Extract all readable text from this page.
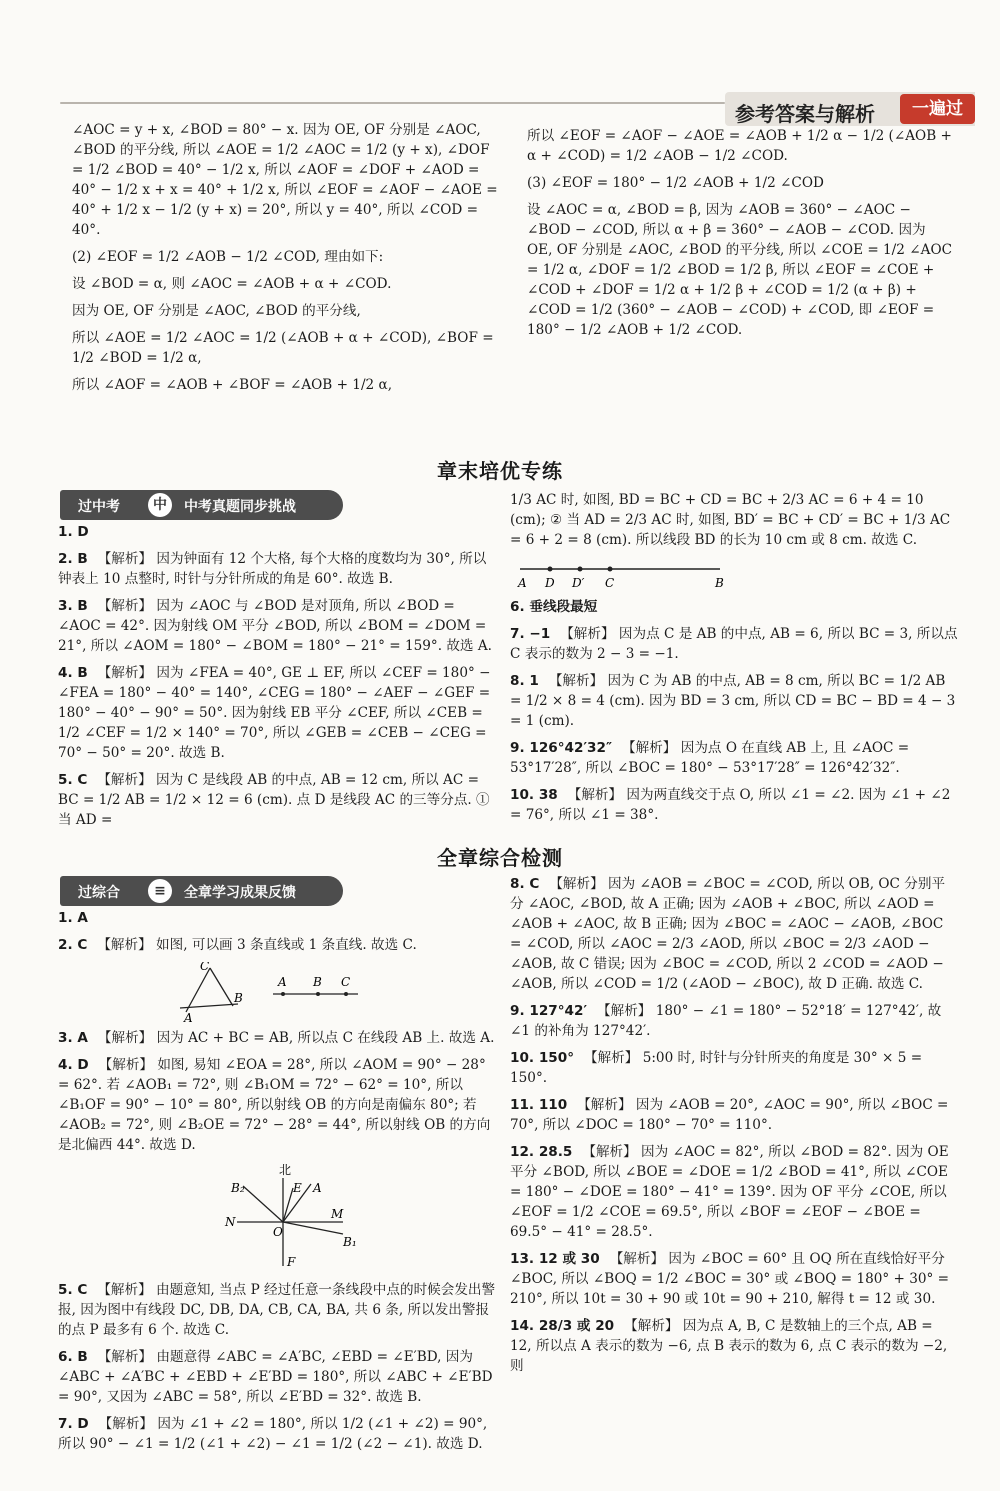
参考答案与解析	一遍过

∠AOC = y + x, ∠BOD = 80° − x. 因为 OE, OF 分别是 ∠AOC, ∠BOD 的平分线, 所以 ∠AOE = 1/2 ∠AOC = 1/2 (y + x), ∠DOF = 1/2 ∠BOD = 40° − 1/2 x, 所以 ∠AOF = ∠DOF + ∠AOD = 40° − 1/2 x + x = 40° + 1/2 x, 所以 ∠EOF = ∠AOF − ∠AOE = 40° + 1/2 x − 1/2 (y + x) = 20°, 所以 y = 40°, 所以 ∠COD = 40°.

(2) ∠EOF = 1/2 ∠AOB − 1/2 ∠COD, 理由如下:

设 ∠BOD = α, 则 ∠AOC = ∠AOB + α + ∠COD.

因为 OE, OF 分别是 ∠AOC, ∠BOD 的平分线,

所以 ∠AOE = 1/2 ∠AOC = 1/2 (∠AOB + α + ∠COD), ∠BOF = 1/2 ∠BOD = 1/2 α,

所以 ∠AOF = ∠AOB + ∠BOF = ∠AOB + 1/2 α,

所以 ∠EOF = ∠AOF − ∠AOE = ∠AOB + 1/2 α − 1/2 (∠AOB + α + ∠COD) = 1/2 ∠AOB − 1/2 ∠COD.

(3) ∠EOF = 180° − 1/2 ∠AOB + 1/2 ∠COD

设 ∠AOC = α, ∠BOD = β, 因为 ∠AOB = 360° − ∠AOC − ∠BOD − ∠COD, 所以 α + β = 360° − ∠AOB − ∠COD. 因为 OE, OF 分别是 ∠AOC, ∠BOD 的平分线, 所以 ∠COE = 1/2 ∠AOC = 1/2 α, ∠DOF = 1/2 ∠BOD = 1/2 β, 所以 ∠EOF = ∠COE + ∠COD + ∠DOF = 1/2 α + 1/2 β + ∠COD = 1/2 (α + β) + ∠COD = 1/2 (360° − ∠AOB − ∠COD) + ∠COD, 即 ∠EOF = 180° − 1/2 ∠AOB + 1/2 ∠COD.

章末培优专练
过中考	中	中考真题同步挑战

1. D

2. B 【解析】 因为钟面有 12 个大格, 每个大格的度数均为 30°, 所以钟表上 10 点整时, 时针与分针所成的角是 60°. 故选 B.

3. B 【解析】 因为 ∠AOC 与 ∠BOD 是对顶角, 所以 ∠BOD = ∠AOC = 42°. 因为射线 OM 平分 ∠BOD, 所以 ∠BOM = ∠DOM = 21°, 所以 ∠AOM = 180° − ∠BOM = 180° − 21° = 159°. 故选 A.

4. B 【解析】 因为 ∠FEA = 40°, GE ⊥ EF, 所以 ∠CEF = 180° − ∠FEA = 180° − 40° = 140°, ∠CEG = 180° − ∠AEF − ∠GEF = 180° − 40° − 90° = 50°. 因为射线 EB 平分 ∠CEF, 所以 ∠CEB = 1/2 ∠CEF = 1/2 × 140° = 70°, 所以 ∠GEB = ∠CEB − ∠CEG = 70° − 50° = 20°. 故选 B.

5. C 【解析】 因为 C 是线段 AB 的中点, AB = 12 cm, 所以 AC = BC = 1/2 AB = 1/2 × 12 = 6 (cm). 点 D 是线段 AC 的三等分点. ① 当 AD =

1/3 AC 时, 如图, BD = BC + CD = BC + 2/3 AC = 6 + 4 = 10 (cm); ② 当 AD = 2/3 AC 时, 如图, BD′ = BC + CD′ = BC + 1/3 AC = 6 + 2 = 8 (cm). 所以线段 BD 的长为 10 cm 或 8 cm. 故选 C.

A D D′ C	B

6. 垂线段最短

7. −1 【解析】 因为点 C 是 AB 的中点, AB = 6, 所以 BC = 3, 所以点 C 表示的数为 2 − 3 = −1.

8. 1 【解析】 因为 C 为 AB 的中点, AB = 8 cm, 所以 BC = 1/2 AB = 1/2 × 8 = 4 (cm). 因为 BD = 3 cm, 所以 CD = BC − BD = 4 − 3 = 1 (cm).

9. 126°42′32″ 【解析】 因为点 O 在直线 AB 上, 且 ∠AOC = 53°17′28″, 所以 ∠BOC = 180° − 53°17′28″ = 126°42′32″.

10. 38 【解析】 因为两直线交于点 O, 所以 ∠1 = ∠2. 因为 ∠1 + ∠2 = 76°, 所以 ∠1 = 38°.

全章综合检测
过综合	≡	全章学习成果反馈

1. A

2. C 【解析】 如图, 可以画 3 条直线或 1 条直线. 故选 C.

C
B
A
A B C

3. A 【解析】 因为 AC + BC = AB, 所以点 C 在线段 AB 上. 故选 A.

4. D 【解析】 如图, 易知 ∠EOA = 28°, 所以 ∠AOM = 90° − 28° = 62°. 若 ∠AOB₁ = 72°, 则 ∠B₁OM = 72° − 62° = 10°, 所以 ∠B₁OF = 90° − 10° = 80°, 所以射线 OB 的方向是南偏东 80°; 若 ∠AOB₂ = 72°, 则 ∠B₂OE = 72° − 28° = 44°, 所以射线 OB 的方向是北偏西 44°. 故选 D.

北
E A
B₂
N
O
M
B₁
F

5. C 【解析】 由题意知, 当点 P 经过任意一条线段中点的时候会发出警报, 因为图中有线段 DC, DB, DA, CB, CA, BA, 共 6 条, 所以发出警报的点 P 最多有 6 个. 故选 C.

6. B 【解析】 由题意得 ∠ABC = ∠A′BC, ∠EBD = ∠E′BD, 因为 ∠ABC + ∠A′BC + ∠EBD + ∠E′BD = 180°, 所以 ∠ABC + ∠E′BD = 90°, 又因为 ∠ABC = 58°, 所以 ∠E′BD = 32°. 故选 B.

7. D 【解析】 因为 ∠1 + ∠2 = 180°, 所以 1/2 (∠1 + ∠2) = 90°, 所以 90° − ∠1 = 1/2 (∠1 + ∠2) − ∠1 = 1/2 (∠2 − ∠1). 故选 D.

8. C 【解析】 因为 ∠AOB = ∠BOC = ∠COD, 所以 OB, OC 分别平分 ∠AOC, ∠BOD, 故 A 正确; 因为 ∠AOB + ∠BOC, 所以 ∠AOD = ∠AOB + ∠AOC, 故 B 正确; 因为 ∠BOC = ∠AOC − ∠AOB, ∠BOC = ∠COD, 所以 ∠AOC = 2/3 ∠AOD, 所以 ∠BOC = 2/3 ∠AOD − ∠AOB, 故 C 错误; 因为 ∠BOC = ∠COD, 所以 2 ∠COD = ∠AOD − ∠AOB, 所以 ∠COD = 1/2 (∠AOD − ∠BOC), 故 D 正确. 故选 C.

9. 127°42′ 【解析】 180° − ∠1 = 180° − 52°18′ = 127°42′, 故 ∠1 的补角为 127°42′.

10. 150° 【解析】 5:00 时, 时针与分针所夹的角度是 30° × 5 = 150°.

11. 110 【解析】 因为 ∠AOB = 20°, ∠AOC = 90°, 所以 ∠BOC = 70°, 所以 ∠DOC = 180° − 70° = 110°.

12. 28.5 【解析】 因为 ∠AOC = 82°, 所以 ∠BOD = 82°. 因为 OE 平分 ∠BOD, 所以 ∠BOE = ∠DOE = 1/2 ∠BOD = 41°, 所以 ∠COE = 180° − ∠DOE = 180° − 41° = 139°. 因为 OF 平分 ∠COE, 所以 ∠EOF = 1/2 ∠COE = 69.5°, 所以 ∠BOF = ∠EOF − ∠BOE = 69.5° − 41° = 28.5°.

13. 12 或 30 【解析】 因为 ∠BOC = 60° 且 OQ 所在直线恰好平分 ∠BOC, 所以 ∠BOQ = 1/2 ∠BOC = 30° 或 ∠BOQ = 180° + 30° = 210°, 所以 10t = 30 + 90 或 10t = 90 + 210, 解得 t = 12 或 30.

14. 28/3 或 20 【解析】 因为点 A, B, C 是数轴上的三个点, AB = 12, 所以点 A 表示的数为 −6, 点 B 表示的数为 6, 点 C 表示的数为 −2, 则
